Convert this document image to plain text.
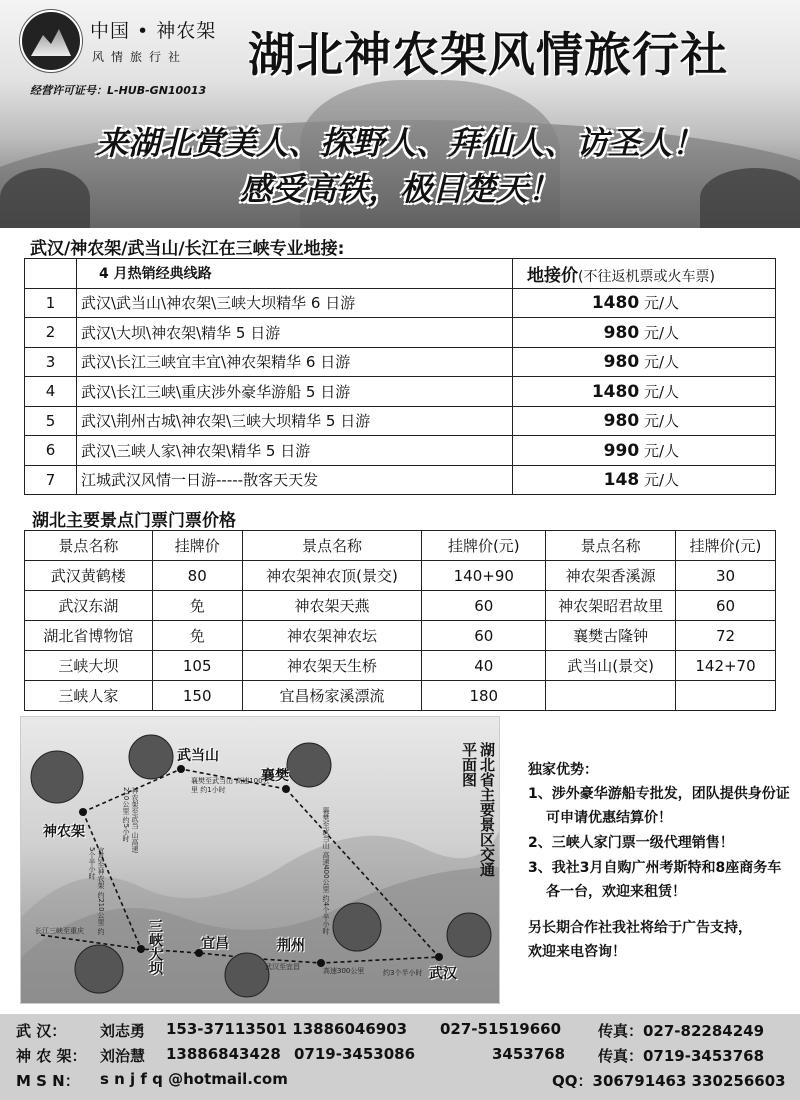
中国 • 神农架
风情旅行社
经营许可证号：L-HUB-GN10013
湖北神农架风情旅行社
来湖北赏美人、探野人、拜仙人、访圣人！
感受高铁，极目楚天！
武汉/神农架/武当山/长江在三峡专业地接:
	4 月热销经典线路	地接价(不往返机票或火车票)
1	武汉\武当山\神农架\三峡大坝精华 6 日游	1480 元/人
2	武汉\大坝\神农架\精华 5 日游	980 元/人
3	武汉\长江三峡宜丰宜\神农架精华 6 日游	980 元/人
4	武汉\长江三峡\重庆涉外豪华游船 5 日游	1480 元/人
5	武汉\荆州古城\神农架\三峡大坝精华 5 日游	980 元/人
6	武汉\三峡人家\神农架\精华 5 日游	990 元/人
7	江城武汉风情一日游-----散客天天发	148 元/人
湖北主要景点门票门票价格
景点名称	挂牌价	景点名称	挂牌价(元)	景点名称	挂牌价(元)
武汉黄鹤楼	80	神农架神农顶(景交)	140+90	神农架香溪源	30
武汉东湖	免	神农架天燕	60	神农架昭君故里	60
湖北省博物馆	免	神农架神农坛	60	襄樊古隆钟	72
三峡大坝	105	神农架天生桥	40	武当山(景交)	142+70
三峡人家	150	宜昌杨家溪漂流	180		
武当山
襄樊
神农架
三峡大坝	宜昌	荆州
武汉
襄樊至武当山 高速100公里 约1小时
神农架至武当 山高速210公里 约5小时
宜昌至神农架 约210公里 约5个半小时	襄樊至武当山 高速400公里 约4个半小时
武汉至宜昌	高速300公里	约3个半小时
长江三峡至重庆
湖北省主要景区交通平面图	独家优势：
1、涉外豪华游船专批发，团队提供身份证可申请优惠结算价！
2、三峡人家门票一级代理销售！
3、我社3月自购广州考斯特和8座商务车各一台，欢迎来租赁！
另长期合作社我社将给于广告支持，
欢迎来电咨询！
武 汉： 刘志勇 153-37113501 13886046903 027-51519660 传真：027-82284249
神 农 架： 刘治慧 13886843428 0719-3453086	3453768 传真：0719-3453768
M S N： s n j f q @hotmail.com	QQ：306791463 330256603
